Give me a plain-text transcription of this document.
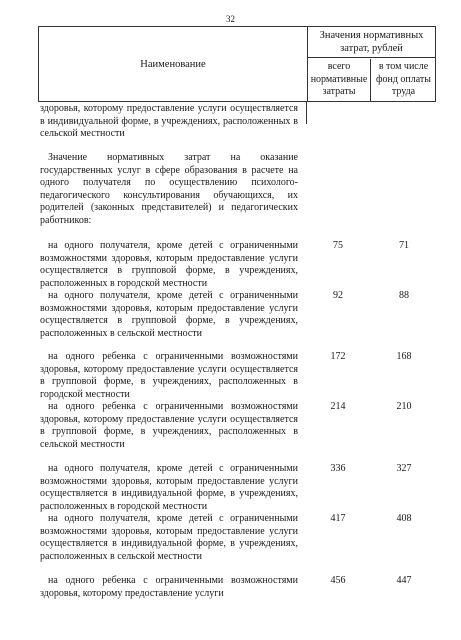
32
Наименование
Значения нормативных затрат, рублей
всего нормативные затраты
в том числе фонд оплаты труда
здоровья, которому предоставление услуги осуществляется в индивидуальной форме, в учреждениях, расположенных в сельской местности
Значение нормативных затрат на оказание государственных услуг в сфере образования в расчете на одного получателя по осуществлению психолого-педагогического консультирования обучающихся, их родителей (законных представителей) и педагогических работников:
на одного получателя, кроме детей с ограниченными возможностями здоровья, которым предоставление услуги осуществляется в групповой форме, в учреждениях, расположенных в городской местности
75	71
на одного получателя, кроме детей с ограниченными возможностями здоровья, которым предоставление услуги осуществляется в групповой форме, в учреждениях, расположенных в сельской местности
92	88
на одного ребенка с ограниченными возможностями здоровья, которому предоставление услуги осуществляется в групповой форме, в учреждениях, расположенных в городской местности
172	168
на одного ребенка с ограниченными возможностями здоровья, которому предоставление услуги осуществляется в групповой форме, в учреждениях, расположенных в сельской местности
214	210
на одного получателя, кроме детей с ограниченными возможностями здоровья, которым предоставление услуги осуществляется в индивидуальной форме, в учреждениях, расположенных в городской местности
336	327
на одного получателя, кроме детей с ограниченными возможностями здоровья, которым предоставление услуги осуществляется в индивидуальной форме, в учреждениях, расположенных в сельской местности
417	408
на одного ребенка с ограниченными возможностями здоровья, которому предоставление услуги
456	447
